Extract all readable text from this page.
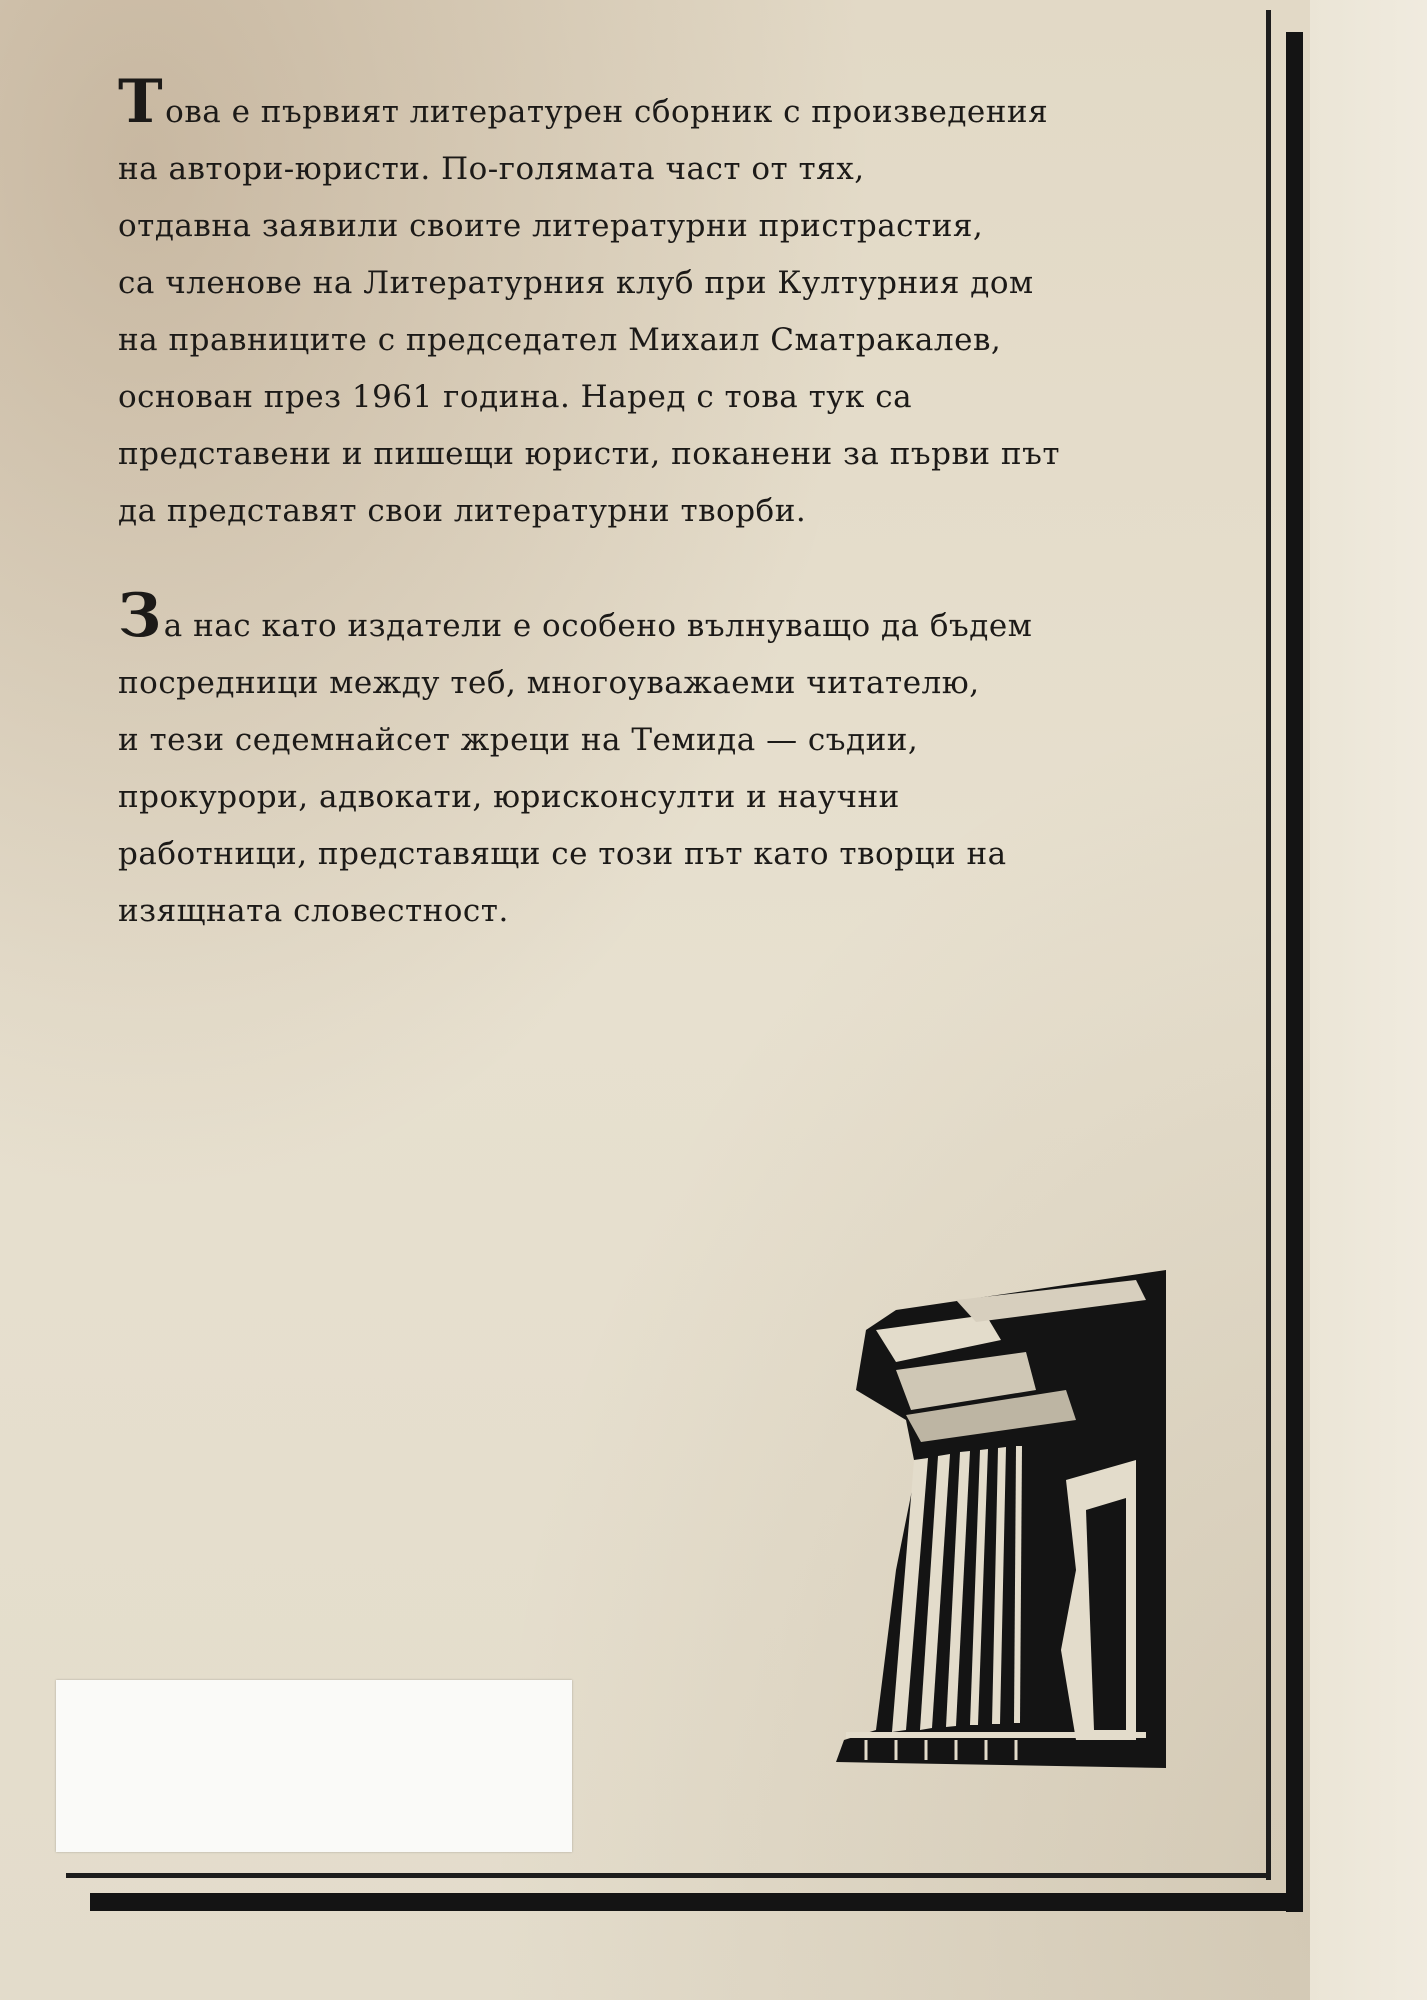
Това е първият литературен сборник с произведения
на автори-юристи. По-голямата част от тях,
отдавна заявили своите литературни пристрастия,
са членове на Литературния клуб при Културния дом
на правниците с председател Михаил Сматракалев,
основан през 1961 година. Наред с това тук са
представени и пишещи юристи, поканени за първи път
да представят свои литературни творби.

За нас като издатели е особено вълнуващо да бъдем
посредници между теб, многоуважаеми читателю,
и тези седемнайсет жреци на Темида — съдии,
прокурори, адвокати, юрисконсулти и научни
работници, представящи се този път като творци на
изящната словестност.
